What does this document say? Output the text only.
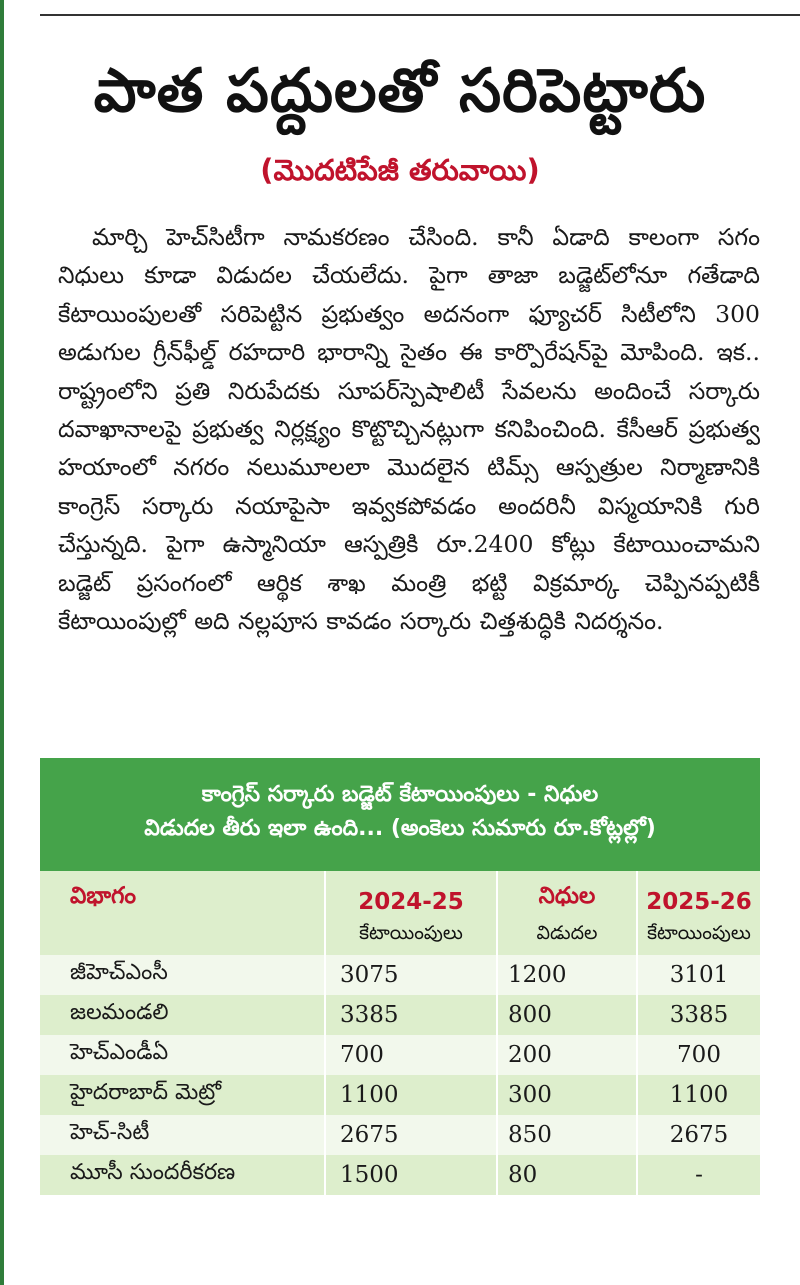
పాత పద్దులతో సరిపెట్టారు
(మొదటిపేజీ తరువాయి)
మార్చి హెచ్‌సిటీగా నామకరణం చేసింది. కానీ ఏడాది కాలంగా సగం నిధులు కూడా విడుదల చేయలేదు. పైగా తాజా బడ్జెట్‌లోనూ గతేడాది కేటాయింపులతో సరిపెట్టిన ప్రభుత్వం అదనంగా ఫ్యూచర్ సిటీలోని 300 అడుగుల గ్రీన్‌ఫీల్డ్ రహదారి భారాన్ని సైతం ఈ కార్పొరేషన్‌పై మోపింది. ఇక.. రాష్ట్రంలోని ప్రతి నిరుపేదకు సూపర్‌స్పెషాలిటీ సేవలను అందించే సర్కారు దవాఖానాలపై ప్రభుత్వ నిర్లక్ష్యం కొట్టొచ్చినట్లుగా కనిపించింది. కేసీఆర్ ప్రభుత్వ హయాంలో నగరం నలుమూలలా మొదలైన టిమ్స్ ఆస్పత్రుల నిర్మాణానికి కాంగ్రెస్ సర్కారు నయాపైసా ఇవ్వకపోవడం అందరినీ విస్మయానికి గురి చేస్తున్నది. పైగా ఉస్మానియా ఆస్పత్రికి రూ.2400 కోట్లు కేటాయించామని బడ్జెట్ ప్రసంగంలో ఆర్థిక శాఖ మంత్రి భట్టి విక్రమార్క చెప్పినప్పటికీ కేటాయింపుల్లో అది నల్లపూస కావడం సర్కారు చిత్తశుద్ధికి నిదర్శనం.
కాంగ్రెస్ సర్కారు బడ్జెట్ కేటాయింపులు - నిధుల
విడుదల తీరు ఇలా ఉంది... (అంకెలు సుమారు రూ.కోట్లల్లో)
విభాగం	2024-25	నిధుల	2025-26
	కేటాయింపులు	విడుదల	కేటాయింపులు
జీహెచ్‌ఎంసీ	3075	1200	3101
జలమండలి	3385	800	3385
హెచ్ఎండీఏ	700	200	700
హైదరాబాద్ మెట్రో	1100	300	1100
హెచ్-సిటీ	2675	850	2675
మూసీ సుందరీకరణ	1500	80	-
